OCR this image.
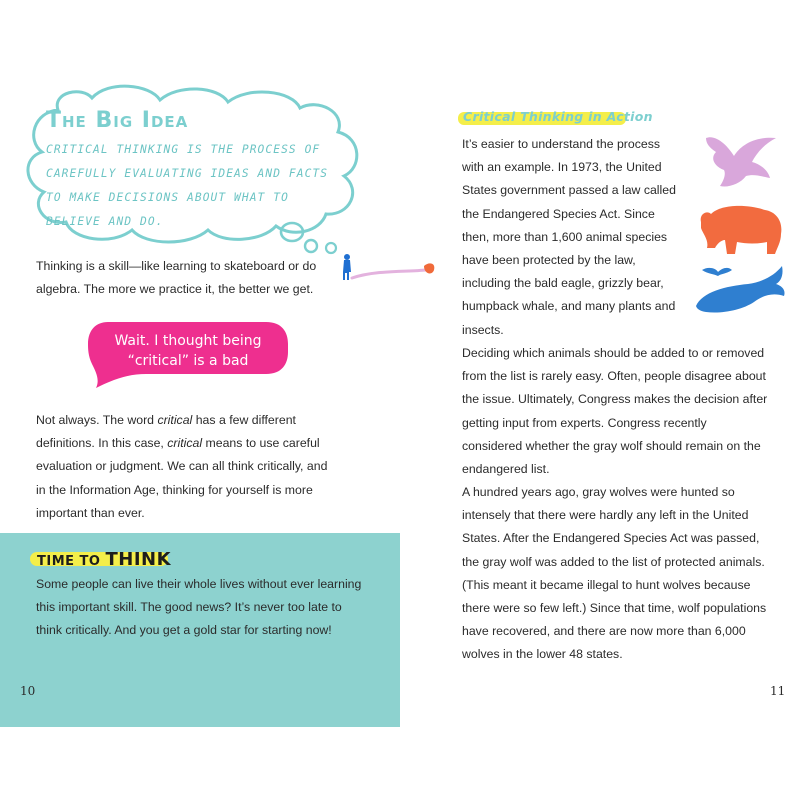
The Big Idea
CRITICAL THINKING IS THE PROCESS OF CAREFULLY EVALUATING IDEAS AND FACTS TO MAKE DECISIONS ABOUT WHAT TO BELIEVE AND DO.

Thinking is a skill—like learning to skateboard or do algebra. The more we practice it, the better we get.

Wait. I thought being
“critical” is a bad thing.

Not always. The word critical has a few different definitions. In this case, critical means to use careful evaluation or judgment. We can all think critically, and in the Information Age, thinking for yourself is more important than ever.

TIME TO THINK

Some people can live their whole lives without ever learning this important skill. The good news? It’s never too late to think critically. And you get a gold star for starting now!

10
Critical Thinking in Action

It’s easier to understand the process with an example. In 1973, the United States government passed a law called the Endangered Species Act. Since then, more than 1,600 animal species have been protected by the law, including the bald eagle, grizzly bear, humpback whale, and many plants and insects.

Deciding which animals should be added to or removed from the list is rarely easy. Often, people disagree about the issue. Ultimately, Congress makes the decision after getting input from experts. Congress recently considered whether the gray wolf should remain on the endangered list.

A hundred years ago, gray wolves were hunted so intensely that there were hardly any left in the United States. After the Endangered Species Act was passed, the gray wolf was added to the list of protected animals. (This meant it became illegal to hunt wolves because there were so few left.) Since that time, wolf populations have recovered, and there are now more than 6,000 wolves in the lower 48 states.

11
